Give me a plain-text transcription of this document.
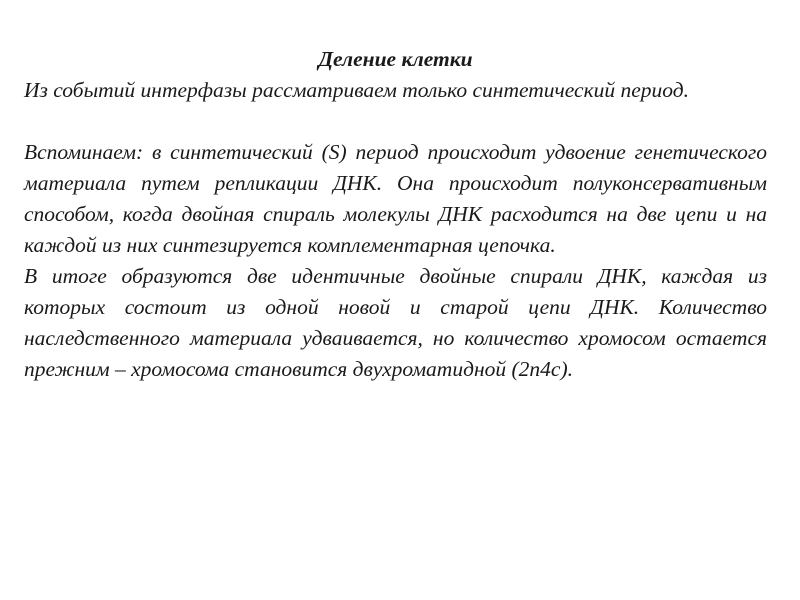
Деление клетки

Из событий интерфазы рассматриваем только синтетический период.

Вспоминаем: в синтетический (S) период происходит удвоение генетического материала путем репликации ДНК. Она происходит полуконсервативным способом, когда двойная спираль молекулы ДНК расходится на две цепи и на каждой из них синтезируется комплементарная цепочка.

В итоге образуются две идентичные двойные спирали ДНК, каждая из которых состоит из одной новой и старой цепи ДНК. Количество наследственного материала удваивается, но количество хромосом остается прежним – хромосома становится двухроматидной (2n4c).
